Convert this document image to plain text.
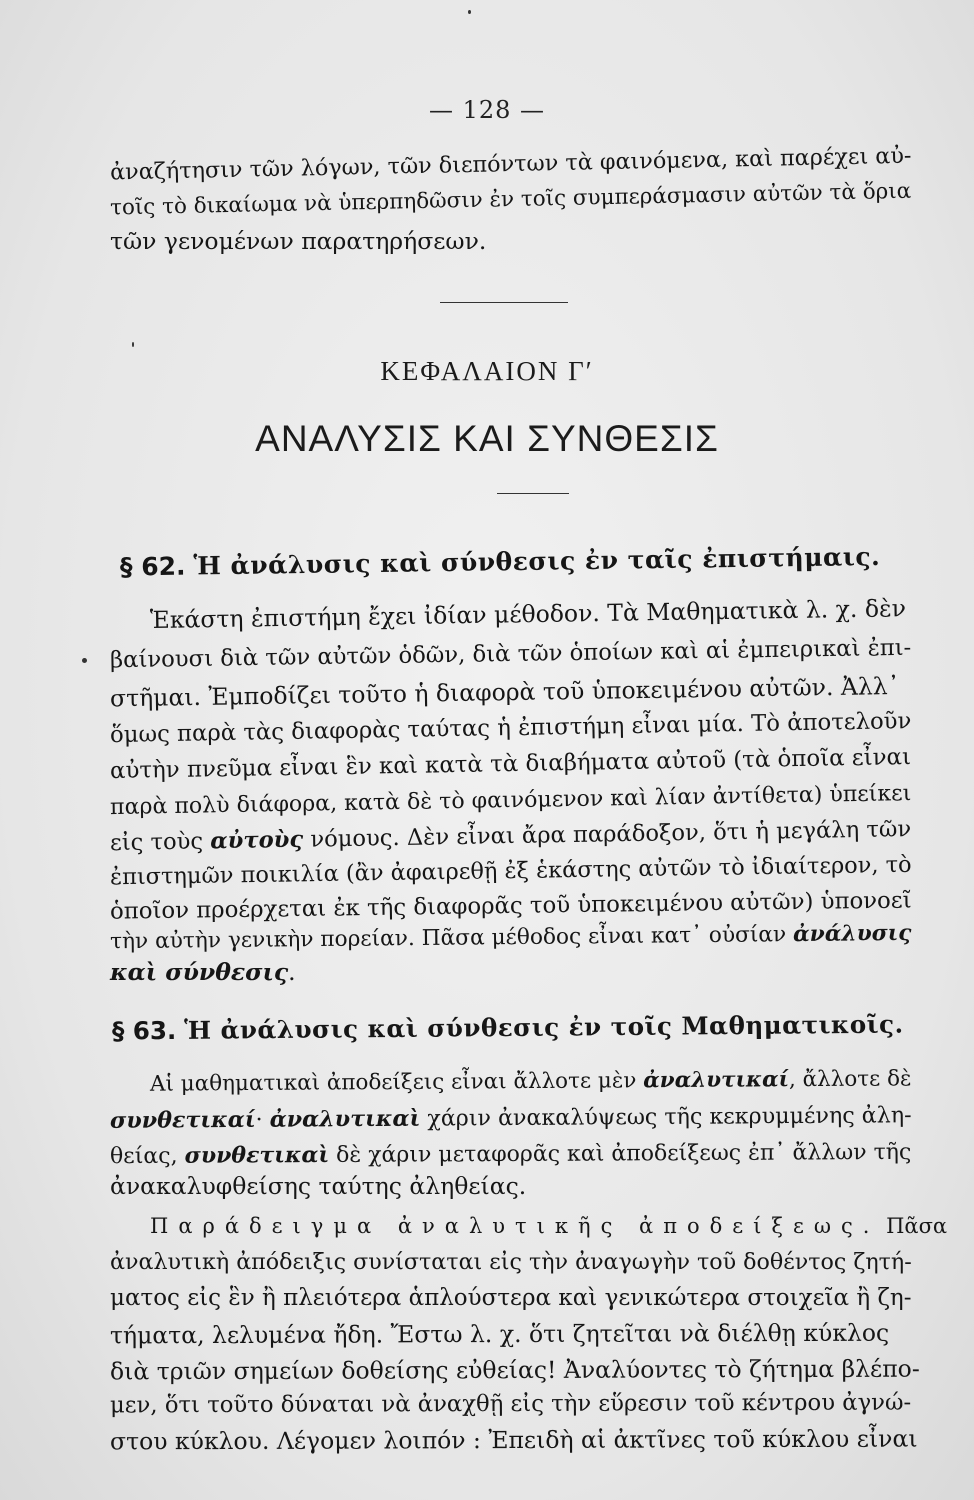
— 128 —
ἀναζήτησιν τῶν λόγων, τῶν διεπόντων τὰ φαινόμενα, καὶ παρέχει αὐ-
τοῖς τὸ δικαίωμα νὰ ὑπερπηδῶσιν ἐν τοῖς συμπεράσμασιν αὐτῶν τὰ ὅρια
τῶν γενομένων παρατηρήσεων.
ΚΕΦΑΛΑΙΟΝ Γʹ
ΑΝΑΛΥΣΙΣ ΚΑΙ ΣΥΝΘΕΣΙΣ
§ 62. Ἡ ἀνάλυσις καὶ σύνθεσις ἐν ταῖς ἐπιστήμαις.
Ἑκάστη ἐπιστήμη ἔχει ἰδίαν μέθοδον. Τὰ Μαθηματικὰ λ. χ. δὲν
βαίνουσι διὰ τῶν αὐτῶν ὁδῶν, διὰ τῶν ὁποίων καὶ αἱ ἐμπειρικαὶ ἐπι-
στῆμαι. Ἐμποδίζει τοῦτο ἡ διαφορὰ τοῦ ὑποκειμένου αὐτῶν. Ἀλλ᾿
ὅμως παρὰ τὰς διαφορὰς ταύτας ἡ ἐπιστήμη εἶναι μία. Τὸ ἀποτελοῦν
αὐτὴν πνεῦμα εἶναι ἓν καὶ κατὰ τὰ διαβήματα αὐτοῦ (τὰ ὁποῖα εἶναι
παρὰ πολὺ διάφορα, κατὰ δὲ τὸ φαινόμενον καὶ λίαν ἀντίθετα) ὑπείκει
εἰς τοὺς αὐτοὺς νόμους. Δὲν εἶναι ἄρα παράδοξον, ὅτι ἡ μεγάλη τῶν
ἐπιστημῶν ποικιλία (ἂν ἀφαιρεθῇ ἐξ ἑκάστης αὐτῶν τὸ ἰδιαίτερον, τὸ
ὁποῖον προέρχεται ἐκ τῆς διαφορᾶς τοῦ ὑποκειμένου αὐτῶν) ὑπονοεῖ
τὴν αὐτὴν γενικὴν πορείαν. Πᾶσα μέθοδος εἶναι κατ᾿ οὐσίαν ἀνάλυσις
καὶ σύνθεσις.
§ 63. Ἡ ἀνάλυσις καὶ σύνθεσις ἐν τοῖς Μαθηματικοῖς.
Αἱ μαθηματικαὶ ἀποδείξεις εἶναι ἄλλοτε μὲν ἀναλυτικαί, ἄλλοτε δὲ
συνθετικαί· ἀναλυτικαὶ χάριν ἀνακαλύψεως τῆς κεκρυμμένης ἀλη-
θείας, συνθετικαὶ δὲ χάριν μεταφορᾶς καὶ ἀποδείξεως ἐπ᾿ ἄλλων τῆς
ἀνακαλυφθείσης ταύτης ἀληθείας.
Παράδειγμα ἀναλυτικῆς ἀποδείξεως. Πᾶσα
ἀναλυτικὴ ἀπόδειξις συνίσταται εἰς τὴν ἀναγωγὴν τοῦ δοθέντος ζητή-
ματος εἰς ἓν ἢ πλειότερα ἁπλούστερα καὶ γενικώτερα στοιχεῖα ἢ ζη-
τήματα, λελυμένα ἤδη. Ἔστω λ. χ. ὅτι ζητεῖται νὰ διέλθῃ κύκλος
διὰ τριῶν σημείων δοθείσης εὐθείας! Ἀναλύοντες τὸ ζήτημα βλέπο-
μεν, ὅτι τοῦτο δύναται νὰ ἀναχθῇ εἰς τὴν εὕρεσιν τοῦ κέντρου ἀγνώ-
στου κύκλου. Λέγομεν λοιπόν : Ἐπειδὴ αἱ ἀκτῖνες τοῦ κύκλου εἶναι
